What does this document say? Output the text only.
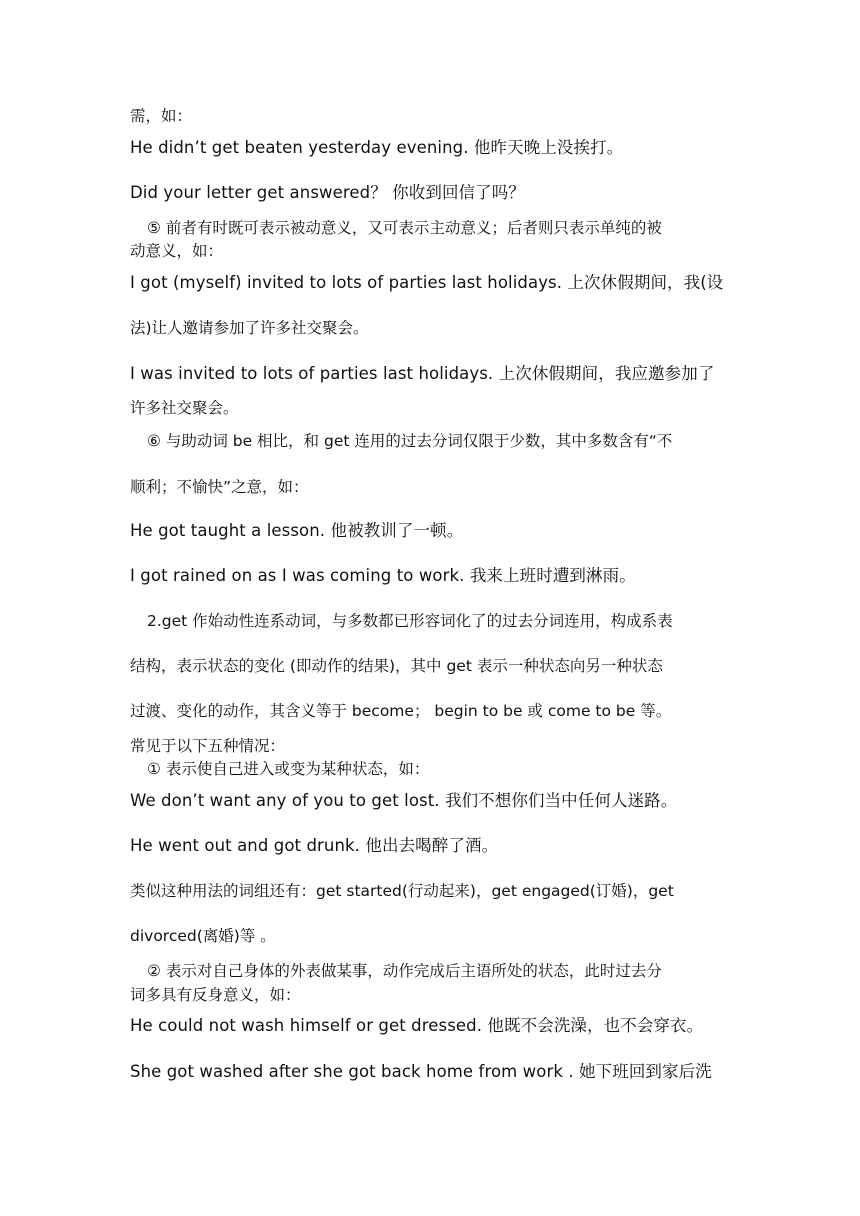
需，如：
He didn’t get beaten yesterday evening. 他昨天晚上没挨打。
Did your letter get answered？ 你收到回信了吗？
⑤ 前者有时既可表示被动意义，又可表示主动意义；后者则只表示单纯的被
动意义，如：
I got (myself) invited to lots of parties last holidays. 上次休假期间，我(设
法)让人邀请参加了许多社交聚会。
I was invited to lots of parties last holidays. 上次休假期间，我应邀参加了
许多社交聚会。
⑥ 与助动词 be 相比，和 get 连用的过去分词仅限于少数，其中多数含有“不
顺利；不愉快”之意，如：
He got taught a lesson. 他被教训了一顿。
I got rained on as I was coming to work. 我来上班时遭到淋雨。
2.get 作始动性连系动词，与多数都已形容词化了的过去分词连用，构成系表
结构，表示状态的变化 (即动作的结果)，其中 get 表示一种状态向另一种状态
过渡、变化的动作，其含义等于 become； begin to be 或 come to be 等。
常见于以下五种情况：
① 表示使自己进入或变为某种状态，如：
We don’t want any of you to get lost. 我们不想你们当中任何人迷路。
He went out and got drunk. 他出去喝醉了酒。
类似这种用法的词组还有：get started(行动起来)，get engaged(订婚)，get
divorced(离婚)等 。
② 表示对自己身体的外表做某事，动作完成后主语所处的状态，此时过去分
词多具有反身意义，如：
He could not wash himself or get dressed. 他既不会洗澡，也不会穿衣。
She got washed after she got back home from work . 她下班回到家后洗
